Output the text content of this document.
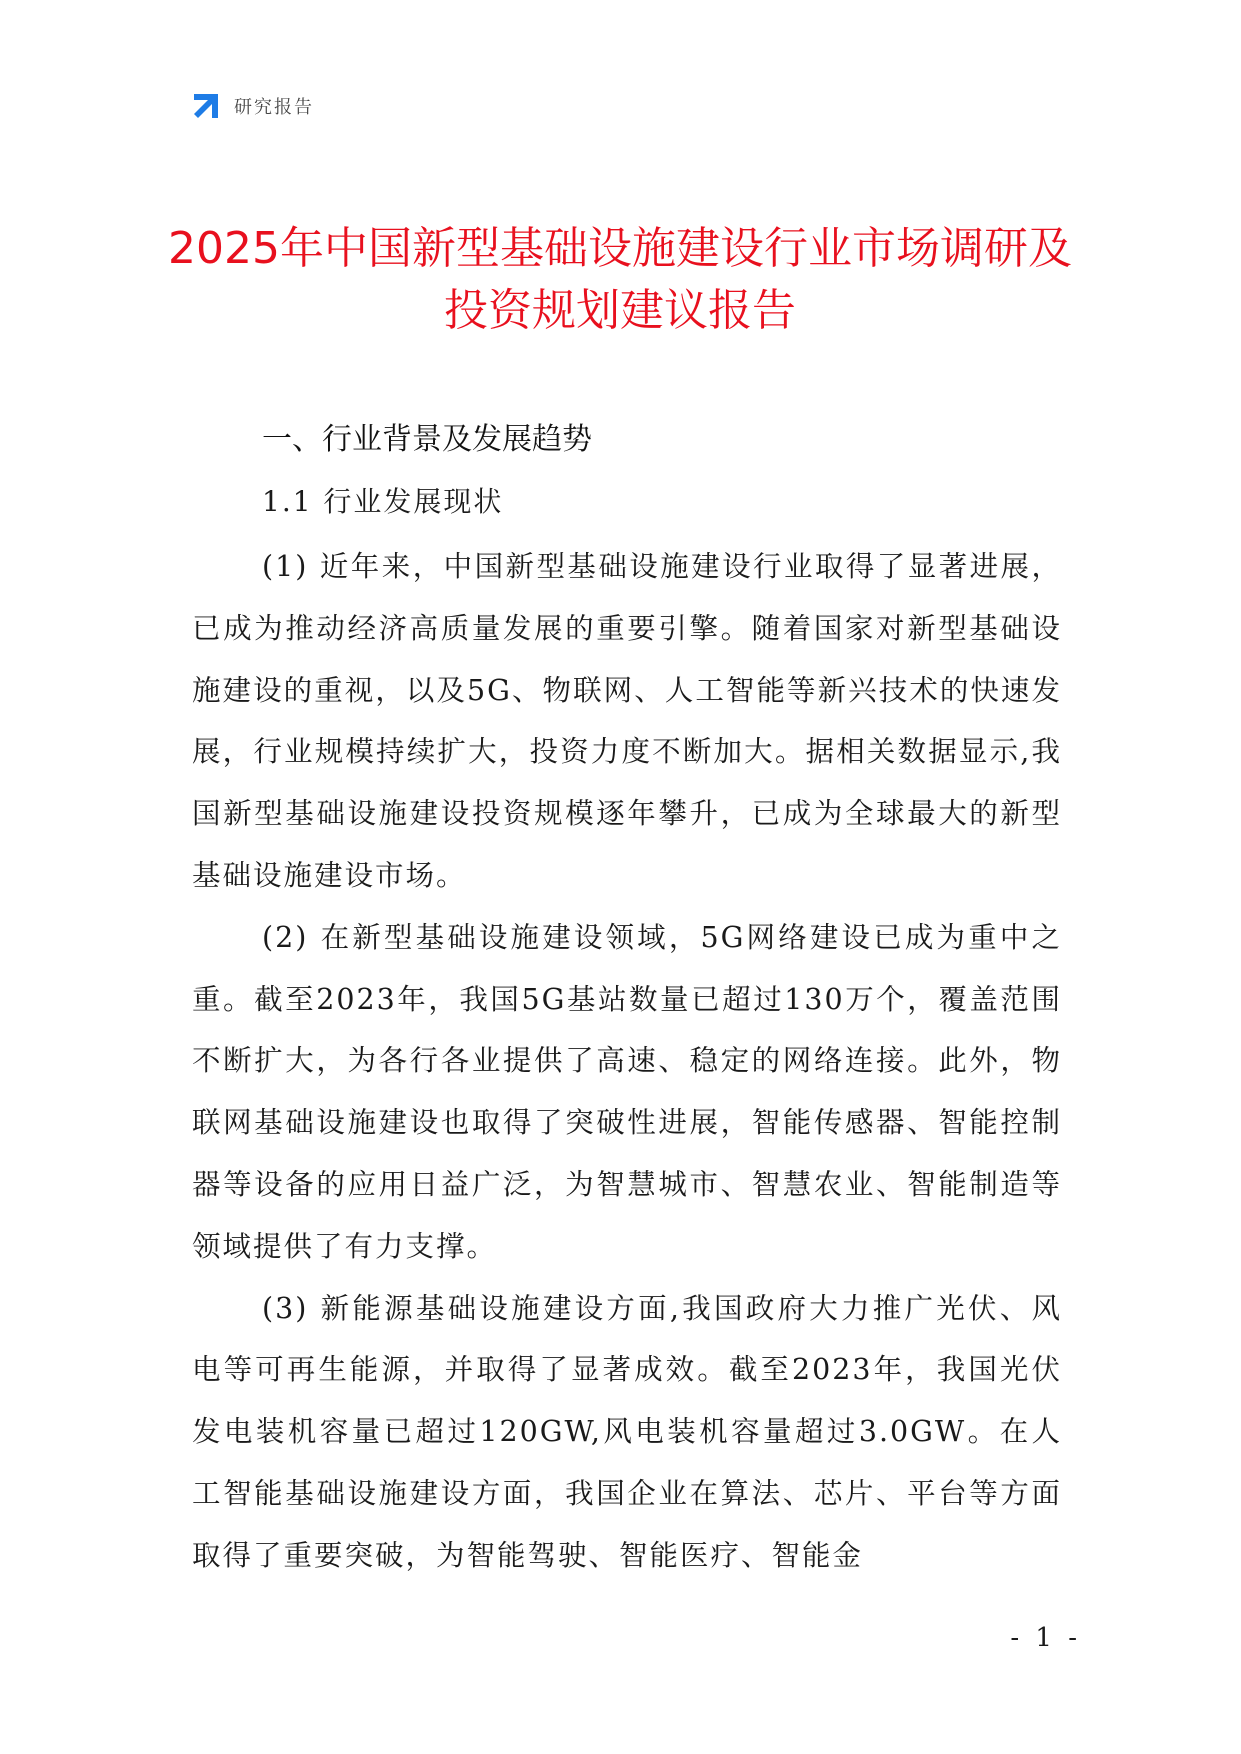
研究报告
2025年中国新型基础设施建设行业市场调研及投资规划建议报告
一、行业背景及发展趋势
1.1 行业发展现状

(1) 近年来，中国新型基础设施建设行业取得了显著进展，已成为推动经济高质量发展的重要引擎。随着国家对新型基础设施建设的重视，以及5G、物联网、人工智能等新兴技术的快速发展，行业规模持续扩大，投资力度不断加大。据相关数据显示,我国新型基础设施建设投资规模逐年攀升，已成为全球最大的新型基础设施建设市场。

(2) 在新型基础设施建设领域，5G网络建设已成为重中之重。截至2023年，我国5G基站数量已超过130万个，覆盖范围不断扩大，为各行各业提供了高速、稳定的网络连接。此外，物联网基础设施建设也取得了突破性进展，智能传感器、智能控制器等设备的应用日益广泛，为智慧城市、智慧农业、智能制造等领域提供了有力支撑。

(3) 新能源基础设施建设方面,我国政府大力推广光伏、风电等可再生能源，并取得了显著成效。截至2023年，我国光伏发电装机容量已超过120GW,风电装机容量超过3.0GW。在人工智能基础设施建设方面，我国企业在算法、芯片、平台等方面取得了重要突破，为智能驾驶、智能医疗、智能金

- 1 -
